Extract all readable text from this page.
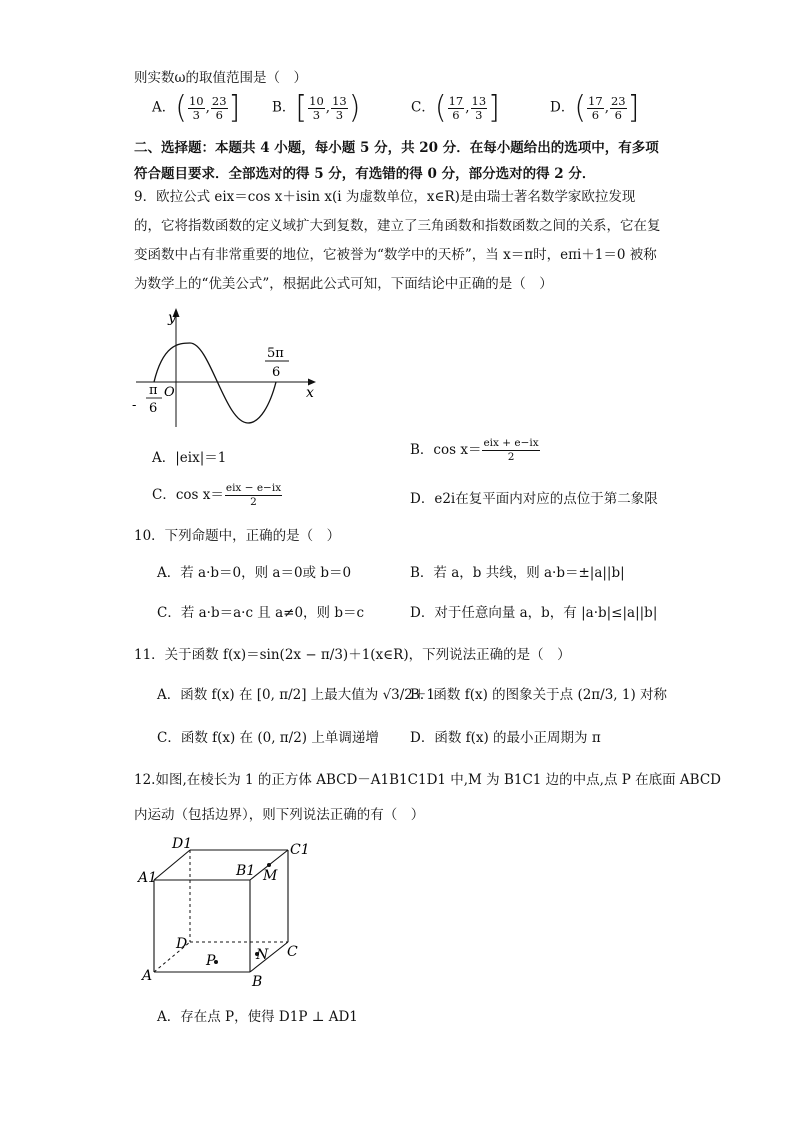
则实数ω的取值范围是（　）
A．( $\frac{10}{3}$ , $\frac{23}{6}$ ] B．[ $\frac{10}{3}$ , $\frac{13}{3}$ )	C．( $\frac{17}{6}$ , $\frac{13}{3}$ ]	D．( $\frac{17}{6}$ , $\frac{23}{6}$ ]
二、选择题：本题共 4 小题，每小题 5 分，共 20 分．在每小题给出的选项中，有多项
符合题目要求．全部选对的得 5 分，有选错的得 0 分，部分选对的得 2 分．
9．欧拉公式 eix＝cos x＋isin x(i 为虚数单位，x∈R)是由瑞士著名数学家欧拉发现的，它将指数函数的定义域扩大到复数，建立了三角函数和指数函数之间的关系，它在复变函数中占有非常重要的地位，它被誉为“数学中的天桥”，当 x＝π时，eπi＋1＝0 被称为数学上的“优美公式”，根据此公式可知，下面结论中正确的是（　）
y
x
O
-
π
6
5π
6
A．|eix|＝1	B．$\cos x= \frac{\text{eix + e−ix}}{2}$
C．$\cos x= \frac{\text{eix − e−ix}}{2}$	D．e2i在复平面内对应的点位于第二象限
10．下列命题中，正确的是（　）
A．若 a·b＝0，则 a＝0或 b＝0	B．若 a，b 共线，则 a·b＝±|a||b|
C．若 a·b＝a·c 且 a≠0，则 b＝c	D．对于任意向量 a，b，有 |a·b|≤|a||b|
11．关于函数 f(x)＝sin(2x − π/3)＋1(x∈R)，下列说法正确的是（　）
A．函数 f(x) 在 [0, π/2] 上最大值为 √3/2＋1
B．函数 f(x) 的图象关于点 (2π/3, 1) 对称
C．函数 f(x) 在 (0, π/2) 上单调递增 D．函数 f(x) 的最小正周期为 π
12.如图,在棱长为 1 的正方体 ABCD－A1B1C1D1 中,M 为 B1C1 边的中点,点 P 在底面 ABCD
内运动（包括边界），则下列说法正确的有（　）
A1
D1
B1
C1
M
D	C
N
P
A	B
A．存在点 P，使得 D1P ⊥ AD1
